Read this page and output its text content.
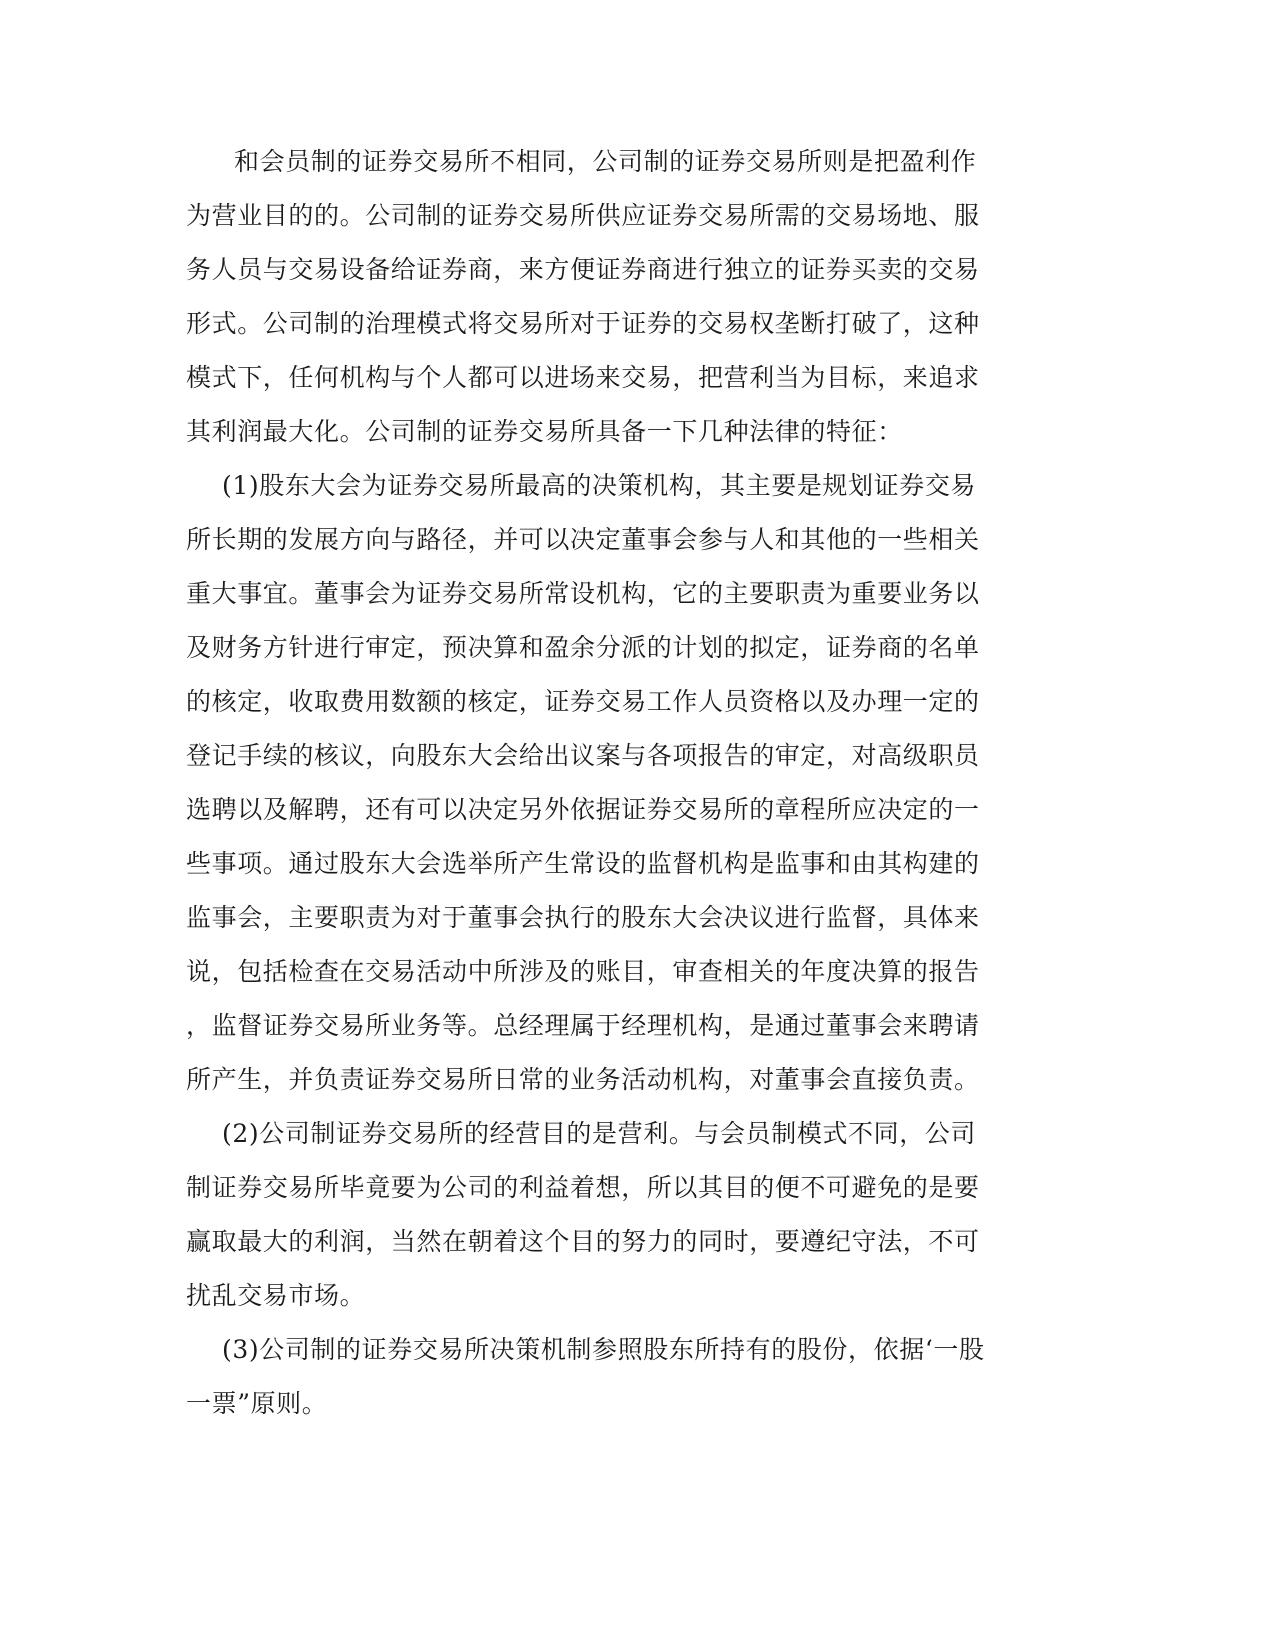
和会员制的证券交易所不相同，公司制的证券交易所则是把盈利作
为营业目的的。公司制的证券交易所供应证券交易所需的交易场地、服
务人员与交易设备给证券商，来方便证券商进行独立的证券买卖的交易
形式。公司制的治理模式将交易所对于证券的交易权垄断打破了，这种
模式下，任何机构与个人都可以进场来交易，把营利当为目标，来追求
其利润最大化。公司制的证券交易所具备一下几种法律的特征：
(1)股东大会为证券交易所最高的决策机构，其主要是规划证券交易
所长期的发展方向与路径，并可以决定董事会参与人和其他的一些相关
重大事宜。董事会为证券交易所常设机构，它的主要职责为重要业务以
及财务方针进行审定，预决算和盈余分派的计划的拟定，证券商的名单
的核定，收取费用数额的核定，证券交易工作人员资格以及办理一定的
登记手续的核议，向股东大会给出议案与各项报告的审定，对高级职员
选聘以及解聘，还有可以决定另外依据证券交易所的章程所应决定的一
些事项。通过股东大会选举所产生常设的监督机构是监事和由其构建的
监事会，主要职责为对于董事会执行的股东大会决议进行监督，具体来
说，包括检查在交易活动中所涉及的账目，审查相关的年度决算的报告
，监督证券交易所业务等。总经理属于经理机构，是通过董事会来聘请
所产生，并负责证券交易所日常的业务活动机构，对董事会直接负责。
(2)公司制证券交易所的经营目的是营利。与会员制模式不同，公司
制证券交易所毕竟要为公司的利益着想，所以其目的便不可避免的是要
赢取最大的利润，当然在朝着这个目的努力的同时，要遵纪守法，不可
扰乱交易市场。
(3)公司制的证券交易所决策机制参照股东所持有的股份，依据‘一股
一票”原则。
